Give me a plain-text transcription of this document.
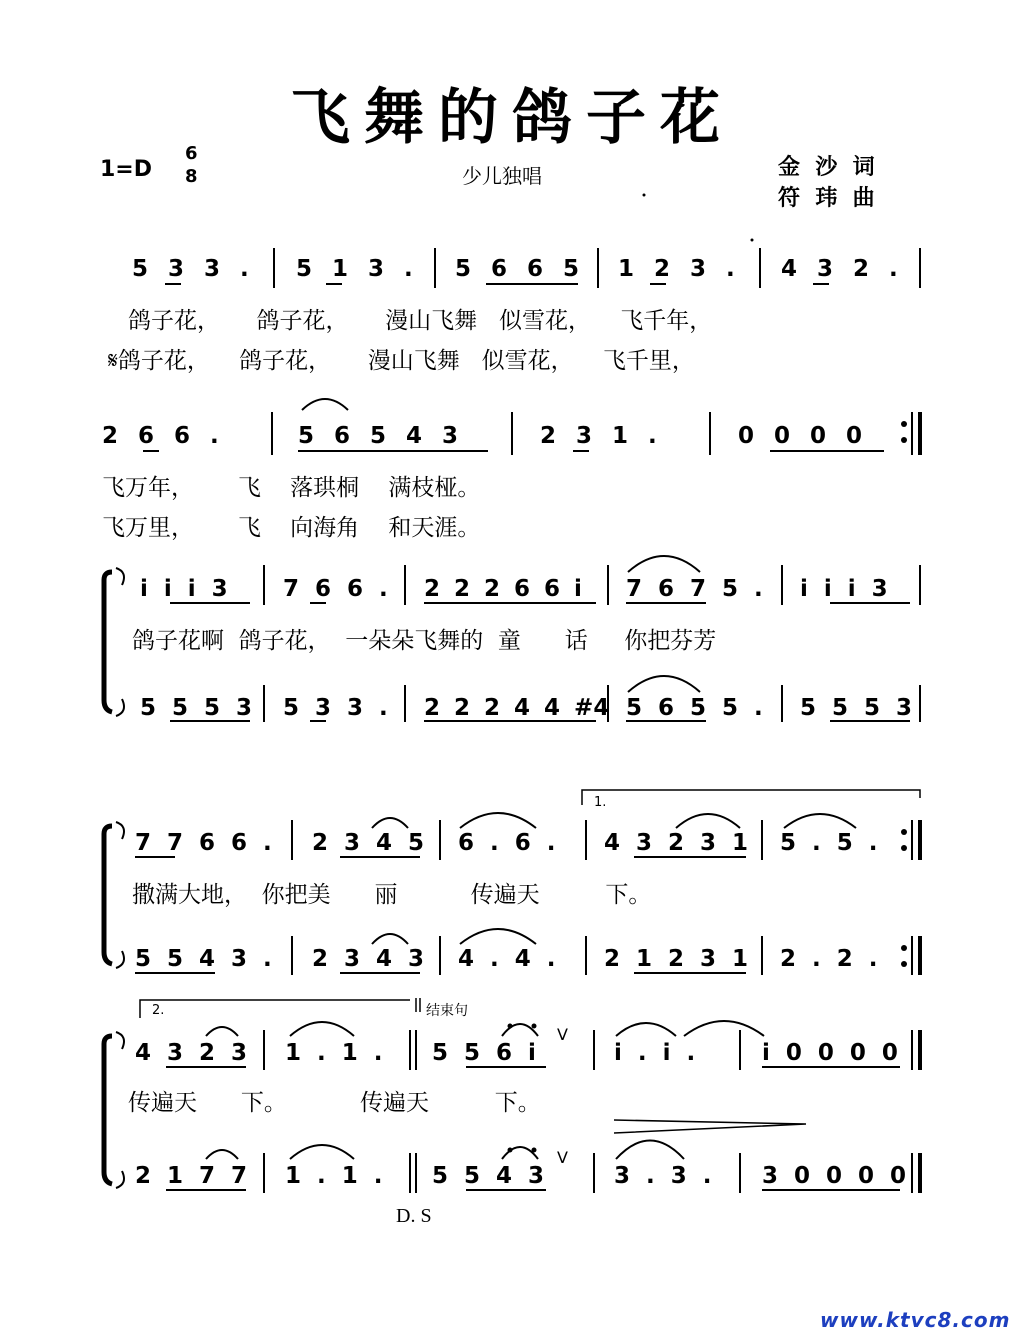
飞舞的鸽子花
1=D
6
8	少儿独唱	金  沙  词
符  玮  曲
5 3 3 . 5 1 3 . 5 6 6 5 1 2 3 . 4 3 2 .
鸽子花，     鸽子花，     漫山飞舞   似雪花，    飞千年，
𝄋鸽子花，    鸽子花，     漫山飞舞   似雪花，    飞千里，
2 6 6 .	5 6 5 4 3	2 3 1 .	0 0 0 0
飞万年，      飞    落珙桐    满枝桠。
飞万里，      飞    向海角    和天涯。
i i i 3 7 6 6 . 2 2 2 6 6 i 7 6 7 5 . i i i 3
鸽子花啊  鸽子花，  一朵朵飞舞的  童      话     你把芬芳
5 5 5 3 5 3 3 . 2 2 2 4 4 #4 5 6 5 5 . 5 5 5 3
1.
7 7 6 6 . 2 3 4 5 6 . 6 . 4 3 2 3 1 5 . 5 .
撒满大地，  你把美      丽          传遍天         下。
5 5 4 3 . 2 3 4 3 4 . 4 . 2 1 2 3 1 2 . 2 .
2.	结束句
4 3 2 3 1 . 1 . 5 5 6 i
V
i . i .	i 0 0 0 0
传遍天      下。          传遍天         下。
2 1 7 7 1 . 1 . 5 5 4 3
V
3 . 3 . 3 0 0 0 0
D. S
www.ktvc8.com
